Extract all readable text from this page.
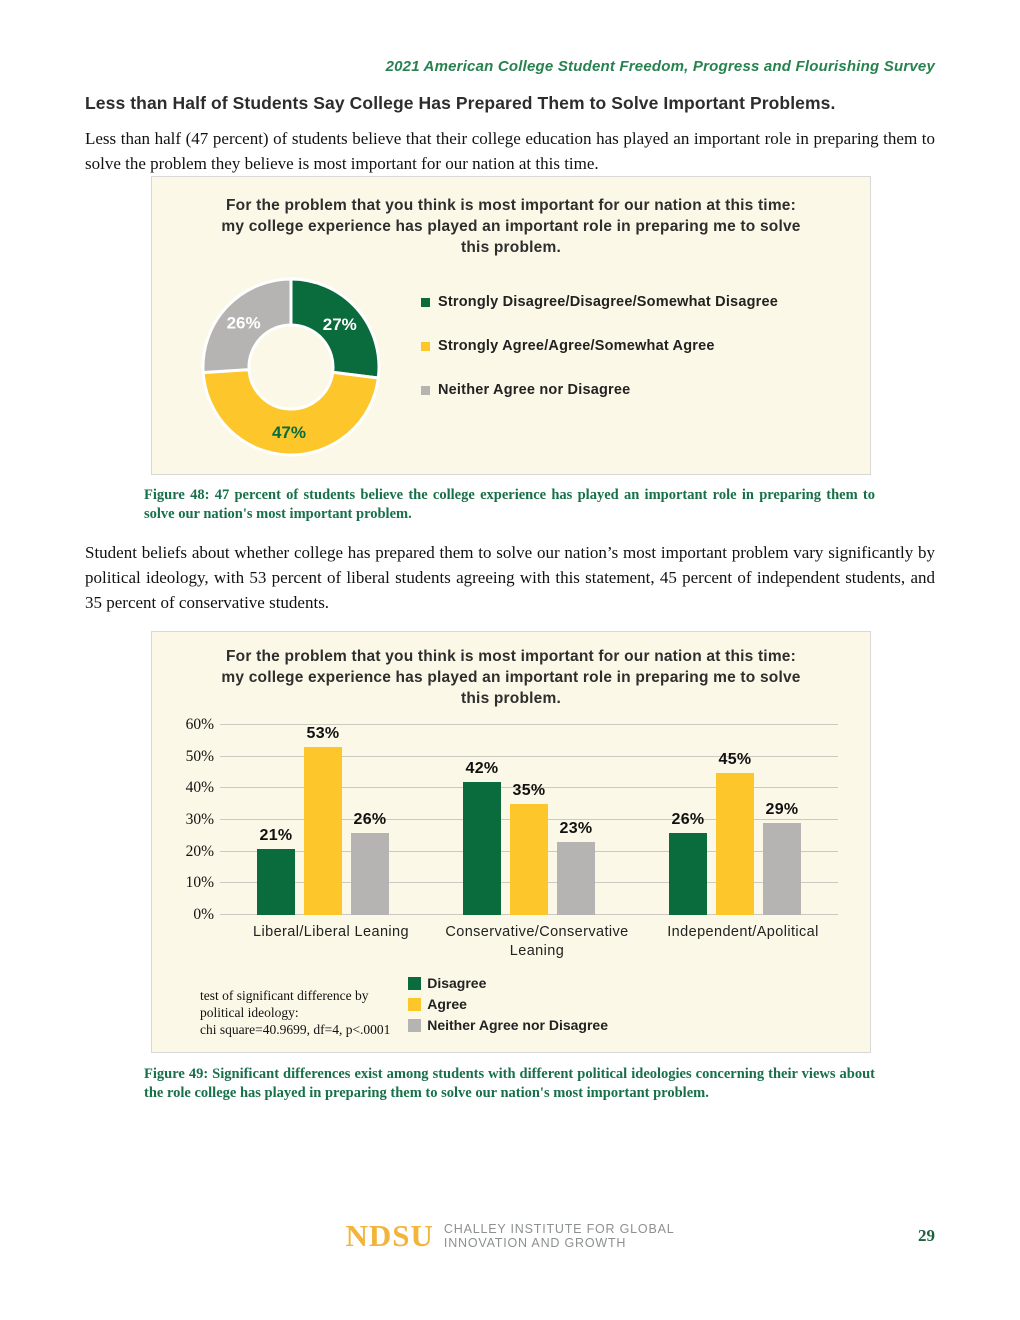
2021 American College Student Freedom, Progress and Flourishing Survey
Less than Half of Students Say College Has Prepared Them to Solve Important Problems.

Less than half (47 percent) of students believe that their college education has played an important role in preparing them to solve the problem they believe is most important for our nation at this time.

For the problem that you think is most important for our nation at this time: my college experience has played an important role in preparing me to solve this problem.
27%
47%
26%
Strongly Disagree/Disagree/Somewhat Disagree
Strongly Agree/Agree/Somewhat Agree
Neither Agree nor Disagree
Figure 48: 47 percent of students believe the college experience has played an important role in preparing them to solve our nation's most important problem.

Student beliefs about whether college has prepared them to solve our nation’s most important problem vary significantly by political ideology, with 53 percent of liberal students agreeing with this statement, 45 percent of independent students, and 35 percent of conservative students.

For the problem that you think is most important for our nation at this time: my college experience has played an important role in preparing me to solve this problem.
0%
10%
20%
30%
40%
50%
60%
21%
53%
26%
42%
35%
23%
26%
45%
29%
Liberal/Liberal Leaning	Conservative/Conservative Leaning
Independent/Apolitical
test of significant difference by political ideology:
chi square=40.9699, df=4, p<.0001
Disagree
Agree
Neither Agree nor Disagree
Figure 49: Significant differences exist among students with different political ideologies concerning their views about the role college has played in preparing them to solve our nation's most important problem.
NDSU CHALLEY INSTITUTE FOR GLOBAL
INNOVATION AND GROWTH	29
